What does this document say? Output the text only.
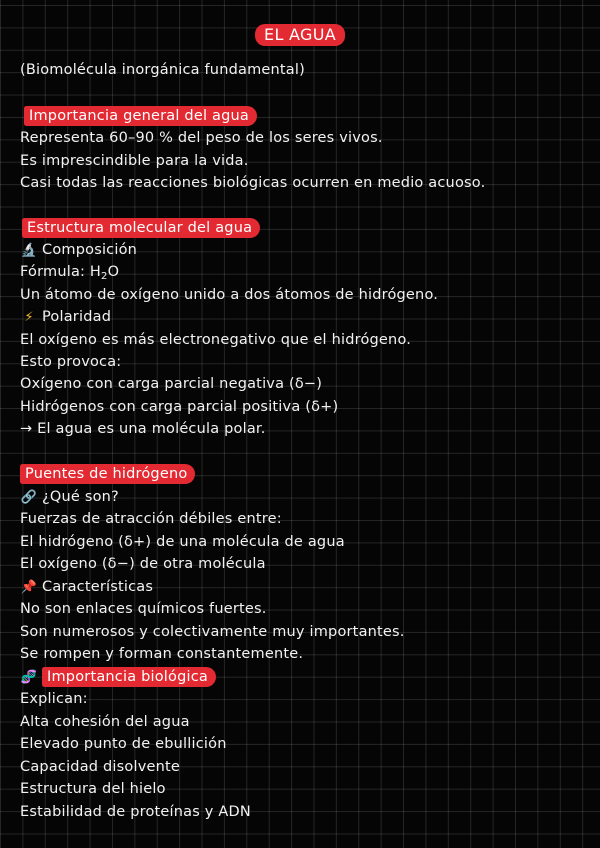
EL AGUA
(Biomolécula inorgánica fundamental)
Importancia general del agua
Representa 60–90 % del peso de los seres vivos.
Es imprescindible para la vida.
Casi todas las reacciones biológicas ocurren en medio acuoso.
Estructura molecular del agua
🔬 Composición
Fórmula: $H_2O$
Un átomo de oxígeno unido a dos átomos de hidrógeno.
⚡ Polaridad
El oxígeno es más electronegativo que el hidrógeno.
Esto provoca:
Oxígeno con carga parcial negativa (δ−)
Hidrógenos con carga parcial positiva (δ+)
→ El agua es una molécula polar.
Puentes de hidrógeno
🔗 ¿Qué son?
Fuerzas de atracción débiles entre:
El hidrógeno (δ+) de una molécula de agua
El oxígeno (δ−) de otra molécula
📌 Características
No son enlaces químicos fuertes.
Son numerosos y colectivamente muy importantes.
Se rompen y forman constantemente.
🧬 Importancia biológica
Explican:
Alta cohesión del agua
Elevado punto de ebullición
Capacidad disolvente
Estructura del hielo
Estabilidad de proteínas y ADN
